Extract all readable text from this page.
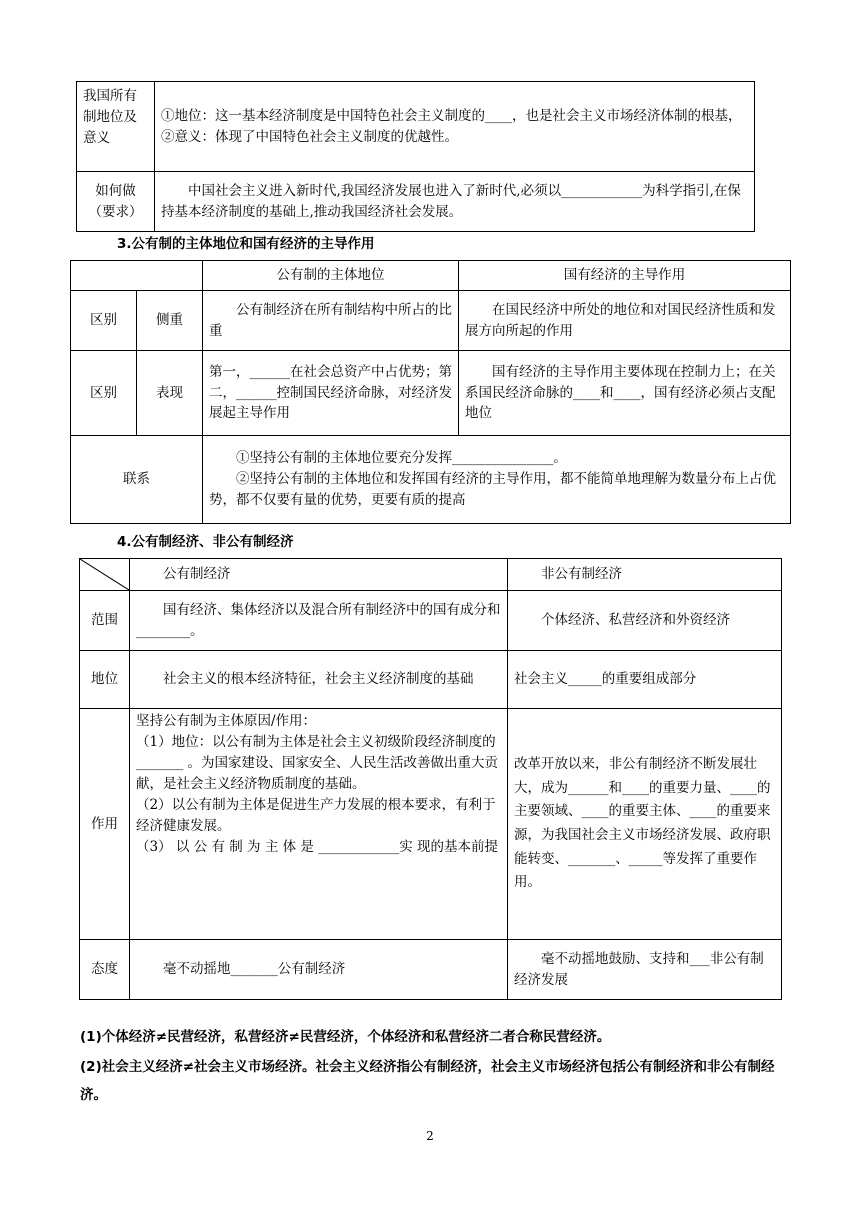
我国所有制地位及意义	①地位：这一基本经济制度是中国特色社会主义制度的____，也是社会主义市场经济体制的根基， ②意义：体现了中国特色社会主义制度的优越性。
如何做（要求）	中国社会主义进入新时代,我国经济发展也进入了新时代,必须以____________为科学指引,在保持基本经济制度的基础上,推动我国经济社会发展。
3.公有制的主体地位和国有经济的主导作用
		公有制的主体地位	国有经济的主导作用
区别	侧重	公有制经济在所有制结构中所占的比重	在国民经济中所处的地位和对国民经济性质和发展方向所起的作用
区别	表现	第一，______在社会总资产中占优势；第二，______控制国民经济命脉，对经济发展起主导作用	国有经济的主导作用主要体现在控制力上；在关系国民经济命脉的____和____，国有经济必须占支配地位
联系		①坚持公有制的主体地位要充分发挥_______________。

②坚持公有制的主体地位和发挥国有经济的主导作用，都不能简单地理解为数量分布上占优势，都不仅要有量的优势，更要有质的提高	

4.公有制经济、非公有制经济
	公有制经济	非公有制经济
范围	国有经济、集体经济以及混合所有制经济中的国有成分和________。	个体经济、私营经济和外资经济
地位	社会主义的根本经济特征，社会主义经济制度的基础	社会主义_____的重要组成部分
作用	坚持公有制为主体原因/作用：

（1）地位：以公有制为主体是社会主义初级阶段经济制度的 _______ 。为国家建设、国家安全、人民生活改善做出重大贡献，是社会主义经济物质制度的基础。

（2）以公有制为主体是促进生产力发展的根本要求，有利于经济健康发展。

（3） 以 公 有 制 为 主 体 是 ____________实 现的基本前提	改革开放以来，非公有制经济不断发展壮大，成为______和____的重要力量、____的主要领域、____的重要主体、____的重要来源，为我国社会主义市场经济发展、政府职能转变、_______、_____等发挥了重要作用。
态度	毫不动摇地_______公有制经济	毫不动摇地鼓励、支持和___非公有制经济发展
(1)个体经济≠民营经济，私营经济≠民营经济，个体经济和私营经济二者合称民营经济。
(2)社会主义经济≠社会主义市场经济。社会主义经济指公有制经济，社会主义市场经济包括公有制经济和非公有制经济。
2
